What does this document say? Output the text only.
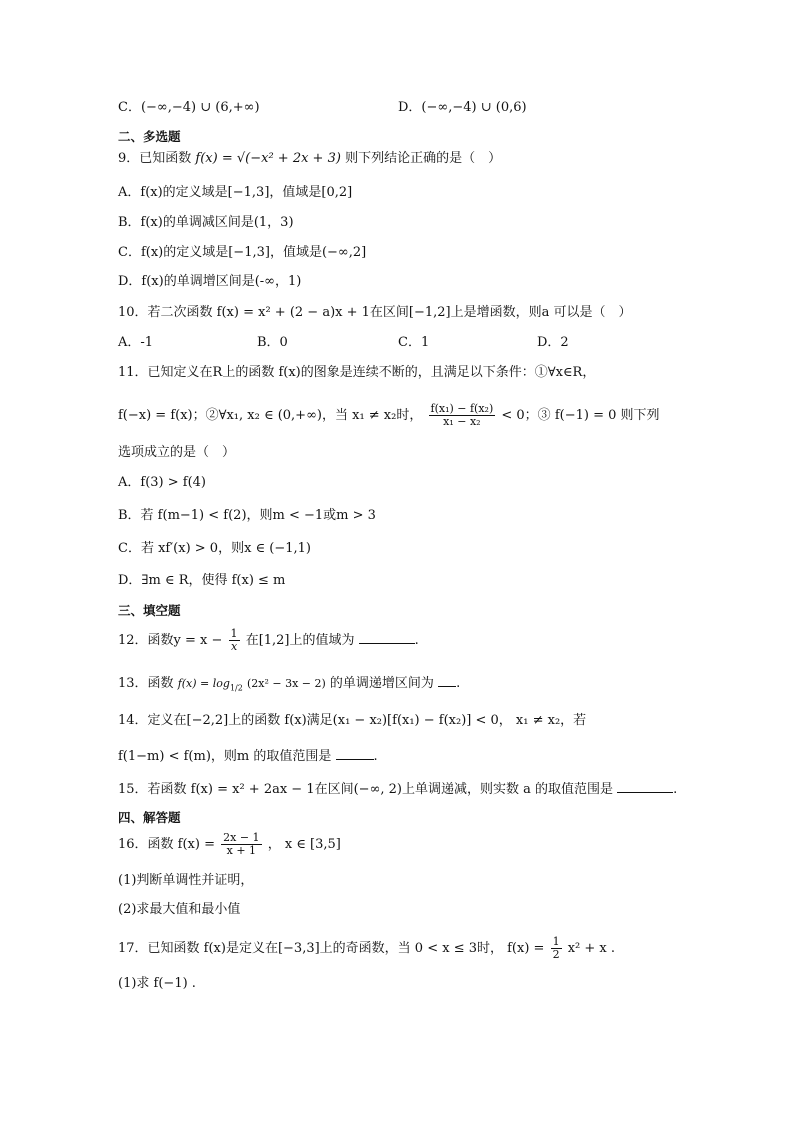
C．(−∞,−4) ∪ (6,+∞)	D．(−∞,−4) ∪ (0,6)
二、多选题
9．已知函数 f(x) = √(−x² + 2x + 3) 则下列结论正确的是（　）
A．f(x)的定义域是[−1,3]，值域是[0,2]
B．f(x)的单调减区间是(1，3)
C．f(x)的定义域是[−1,3]，值域是(−∞,2]
D．f(x)的单调增区间是(-∞，1)
10．若二次函数 f(x) = x² + (2 − a)x + 1在区间[−1,2]上是增函数，则a 可以是（　）
A．-1	B．0	C．1	D．2
11．已知定义在R上的函数 f(x)的图象是连续不断的，且满足以下条件：①∀x∈R，
f(−x) = f(x)；②∀x₁, x₂ ∈ (0,+∞)，当 x₁ ≠ x₂时， $\frac{\text{f(x₁) − f(x₂)}}{\text{x₁ − x₂}} < 0$；③ f(−1) = 0 则下列
选项成立的是（　）
A．f(3) > f(4)
B．若 f(m−1) < f(2)，则m < −1或m > 3
C．若 xf′(x) > 0，则x ∈ (−1,1)
D．∃m ∈ R，使得 f(x) ≤ m
三、填空题
12．函数$y = x - \frac{1}{x}$ 在[1,2]上的值域为	.
13．函数 $f(x) = \log_{1/2} (2x^2 - 3x - 2)$ 的单调递增区间为 .
14．定义在[−2,2]上的函数 f(x)满足(x₁ − x₂)[f(x₁) − f(x₂)] < 0， x₁ ≠ x₂，若
f(1−m) < f(m)，则m 的取值范围是	.
15．若函数 f(x) = x² + 2ax − 1在区间(−∞, 2)上单调递减，则实数 a 的取值范围是	.
四、解答题
16．函数 $f(x) = \frac{2x - 1}{x + 1}$ ， x ∈ [3,5]
(1)判断单调性并证明，
(2)求最大值和最小值
17．已知函数 f(x)是定义在[−3,3]上的奇函数，当 0 < x ≤ 3时， $f(x) = \frac{1}{2} x^2 + x$ .
(1)求 f(−1) .
